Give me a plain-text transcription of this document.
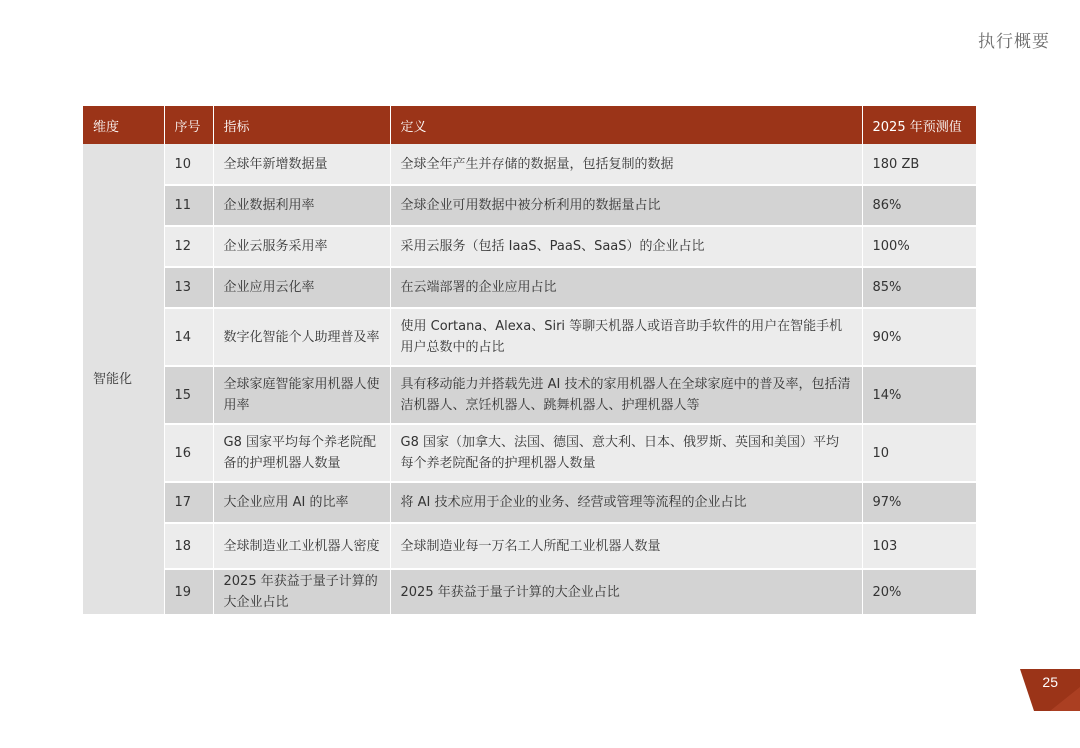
执行概要
维度	序号	指标	定义	2025 年预测值
智能化	10	全球年新增数据量	全球全年产生并存储的数据量，包括复制的数据	180 ZB
	11	企业数据利用率	全球企业可用数据中被分析利用的数据量占比	86%
	12	企业云服务采用率	采用云服务（包括 IaaS、PaaS、SaaS）的企业占比	100%
	13	企业应用云化率	在云端部署的企业应用占比	85%
	14	数字化智能个人助理普及率	使用 Cortana、Alexa、Siri 等聊天机器人或语音助手软件的用户在智能手机用户总数中的占比	90%
	15	全球家庭智能家用机器人使用率	具有移动能力并搭载先进 AI 技术的家用机器人在全球家庭中的普及率，包括清洁机器人、烹饪机器人、跳舞机器人、护理机器人等	14%
	16	G8 国家平均每个养老院配备的护理机器人数量	G8 国家（加拿大、法国、德国、意大利、日本、俄罗斯、英国和美国）平均每个养老院配备的护理机器人数量	10
	17	大企业应用 AI 的比率	将 AI 技术应用于企业的业务、经营或管理等流程的企业占比	97%
	18	全球制造业工业机器人密度	全球制造业每一万名工人所配工业机器人数量	103
	19	2025 年获益于量子计算的大企业占比	2025 年获益于量子计算的大企业占比	20%
25
